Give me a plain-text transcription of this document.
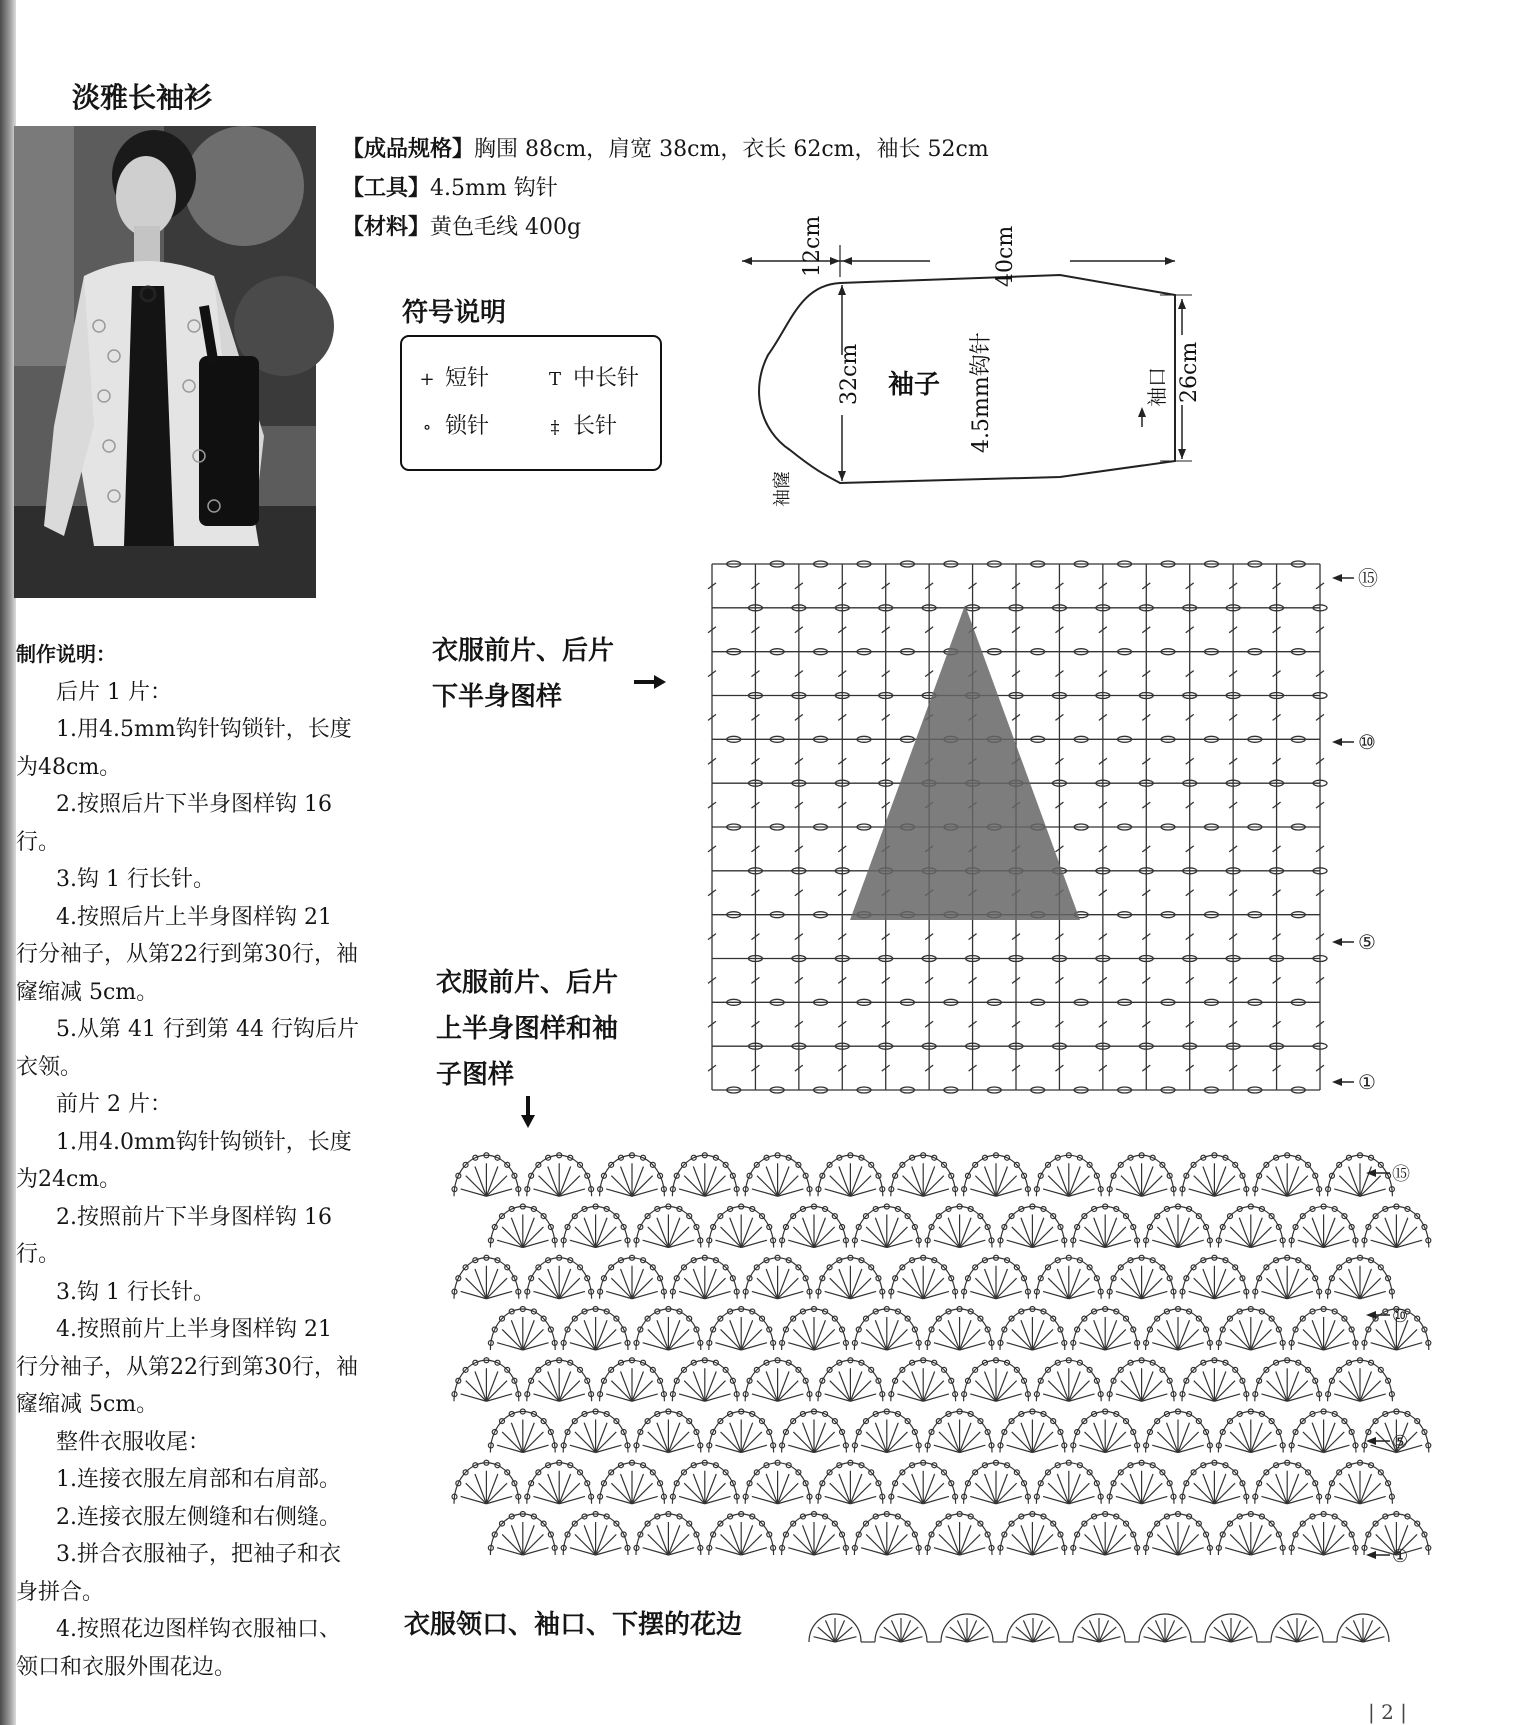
淡雅长袖衫
【成品规格】胸围 88cm，肩宽 38cm，衣长 62cm，袖长 52cm
【工具】4.5mm 钩针
【材料】黄色毛线 400g
符号说明
+ 短针	T 中长针
∘ 锁针	‡ 长针
12cm	40cm
32cm	26cm
袖子 4.5mm钩针	袖口
袖窿
制作说明：
后片 1 片：
1.用4.5mm钩针钩锁针，长度
为48cm。
2.按照后片下半身图样钩 16
行。
3.钩 1 行长针。
4.按照后片上半身图样钩 21
行分袖子，从第22行到第30行，袖
窿缩减 5cm。
5.从第 41 行到第 44 行钩后片
衣领。
前片 2 片：
1.用4.0mm钩针钩锁针，长度
为24cm。
2.按照前片下半身图样钩 16
行。
3.钩 1 行长针。
4.按照前片上半身图样钩 21
行分袖子，从第22行到第30行，袖
窿缩减 5cm。
整件衣服收尾：
1.连接衣服左肩部和右肩部。
2.连接衣服左侧缝和右侧缝。
3.拼合衣服袖子，把袖子和衣
身拼合。
4.按照花边图样钩衣服袖口、
领口和衣服外围花边。
衣服前片、后片
下半身图样
衣服前片、后片
上半身图样和袖
子图样
衣服领口、袖口、下摆的花边
⑮
⑩
⑤
①
⑮
⑩
⑤
①
| 2 |
